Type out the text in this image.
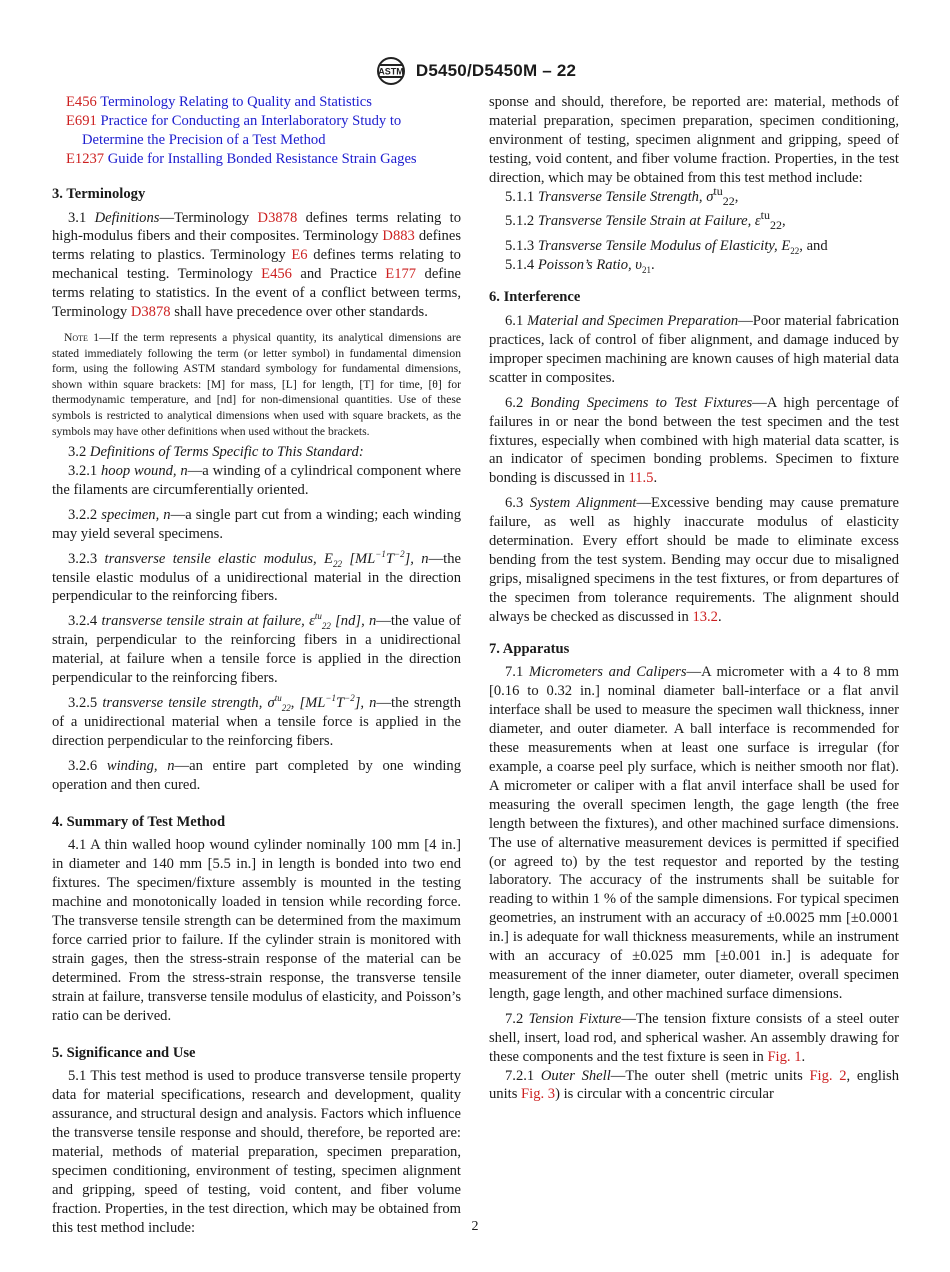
ASTM D5450/D5450M – 22

E456 Terminology Relating to Quality and Statistics

E691 Practice for Conducting an Interlaboratory Study to Determine the Precision of a Test Method

E1237 Guide for Installing Bonded Resistance Strain Gages

3. Terminology

3.1 Definitions—Terminology D3878 defines terms relating to high-modulus fibers and their composites. Terminology D883 defines terms relating to plastics. Terminology E6 defines terms relating to mechanical testing. Terminology E456 and Practice E177 define terms relating to statistics. In the event of a conflict between terms, Terminology D3878 shall have precedence over other standards.

Note 1—If the term represents a physical quantity, its analytical dimensions are stated immediately following the term (or letter symbol) in fundamental dimension form, using the following ASTM standard symbology for fundamental dimensions, shown within square brackets: [M] for mass, [L] for length, [T] for time, [θ] for thermodynamic temperature, and [nd] for non-dimensional quantities. Use of these symbols is restricted to analytical dimensions when used with square brackets, as the symbols may have other definitions when used without the brackets.

3.2 Definitions of Terms Specific to This Standard:

3.2.1 hoop wound, n—a winding of a cylindrical component where the filaments are circumferentially oriented.

3.2.2 specimen, n—a single part cut from a winding; each winding may yield several specimens.

3.2.3 transverse tensile elastic modulus, $E_{22}$ $[ML^{-1}T^{-2}]$, n—the tensile elastic modulus of a unidirectional material in the direction perpendicular to the reinforcing fibers.

3.2.4 transverse tensile strain at failure, $\varepsilon^{tu}_{22}$ [nd], n—the value of strain, perpendicular to the reinforcing fibers in a unidirectional material, at failure when a tensile force is applied in the direction perpendicular to the reinforcing fibers.

3.2.5 transverse tensile strength, $\sigma^{tu}_{22}$, $[ML^{-1}T^{-2}]$, n—the strength of a unidirectional material when a tensile force is applied in the direction perpendicular to the reinforcing fibers.

3.2.6 winding, n—an entire part completed by one winding operation and then cured.

4. Summary of Test Method

4.1 A thin walled hoop wound cylinder nominally 100 mm [4 in.] in diameter and 140 mm [5.5 in.] in length is bonded into two end fixtures. The specimen/fixture assembly is mounted in the testing machine and monotonically loaded in tension while recording force. The transverse tensile strength can be determined from the maximum force carried prior to failure. If the cylinder strain is monitored with strain gages, then the stress-strain response of the material can be determined. From the stress-strain response, the transverse tensile strain at failure, transverse tensile modulus of elasticity, and Poisson’s ratio can be derived.

5. Significance and Use

5.1 This test method is used to produce transverse tensile property data for material specifications, research and development, quality assurance, and structural design and analysis. Factors which influence the transverse tensile response and should, therefore, be reported are: material, methods of material preparation, specimen preparation, specimen conditioning, environment of testing, specimen alignment and gripping, speed of testing, void content, and fiber volume fraction. Properties, in the test direction, which may be obtained from this test method include:

sponse and should, therefore, be reported are: material, methods of material preparation, specimen preparation, specimen conditioning, environment of testing, specimen alignment and gripping, speed of testing, void content, and fiber volume fraction. Properties, in the test direction, which may be obtained from this test method include:

5.1.1 Transverse Tensile Strength, $\sigma^{tu}_{22}$,

5.1.2 Transverse Tensile Strain at Failure, $\varepsilon^{tu}_{22}$,

5.1.3 Transverse Tensile Modulus of Elasticity, $E_{22}$, and

5.1.4 Poisson’s Ratio, $\upsilon_{21}$.

6. Interference

6.1 Material and Specimen Preparation—Poor material fabrication practices, lack of control of fiber alignment, and damage induced by improper specimen machining are known causes of high material data scatter in composites.

6.2 Bonding Specimens to Test Fixtures—A high percentage of failures in or near the bond between the test specimen and the test fixtures, especially when combined with high material data scatter, is an indicator of specimen bonding problems. Specimen to fixture bonding is discussed in 11.5.

6.3 System Alignment—Excessive bending may cause premature failure, as well as highly inaccurate modulus of elasticity determination. Every effort should be made to eliminate excess bending from the test system. Bending may occur due to misaligned grips, misaligned specimens in the test fixtures, or from departures of the specimen from tolerance requirements. The alignment should always be checked as discussed in 13.2.

7. Apparatus

7.1 Micrometers and Calipers—A micrometer with a 4 to 8 mm [0.16 to 0.32 in.] nominal diameter ball-interface or a flat anvil interface shall be used to measure the specimen wall thickness, inner diameter, and outer diameter. A ball interface is recommended for these measurements when at least one surface is irregular (for example, a coarse peel ply surface, which is neither smooth nor flat). A micrometer or caliper with a flat anvil interface shall be used for measuring the overall specimen length, the gage length (the free length between the fixtures), and other machined surface dimensions. The use of alternative measurement devices is permitted if specified (or agreed to) by the test requestor and reported by the testing laboratory. The accuracy of the instruments shall be suitable for reading to within 1 % of the sample dimensions. For typical specimen geometries, an instrument with an accuracy of ±0.0025 mm [±0.0001 in.] is adequate for wall thickness measurements, while an instrument with an accuracy of ±0.025 mm [±0.001 in.] is adequate for measurement of the inner diameter, outer diameter, overall specimen length, gage length, and other machined surface dimensions.

7.2 Tension Fixture—The tension fixture consists of a steel outer shell, insert, load rod, and spherical washer. An assembly drawing for these components and the test fixture is seen in Fig. 1.

7.2.1 Outer Shell—The outer shell (metric units Fig. 2, english units Fig. 3) is circular with a concentric circular

2
